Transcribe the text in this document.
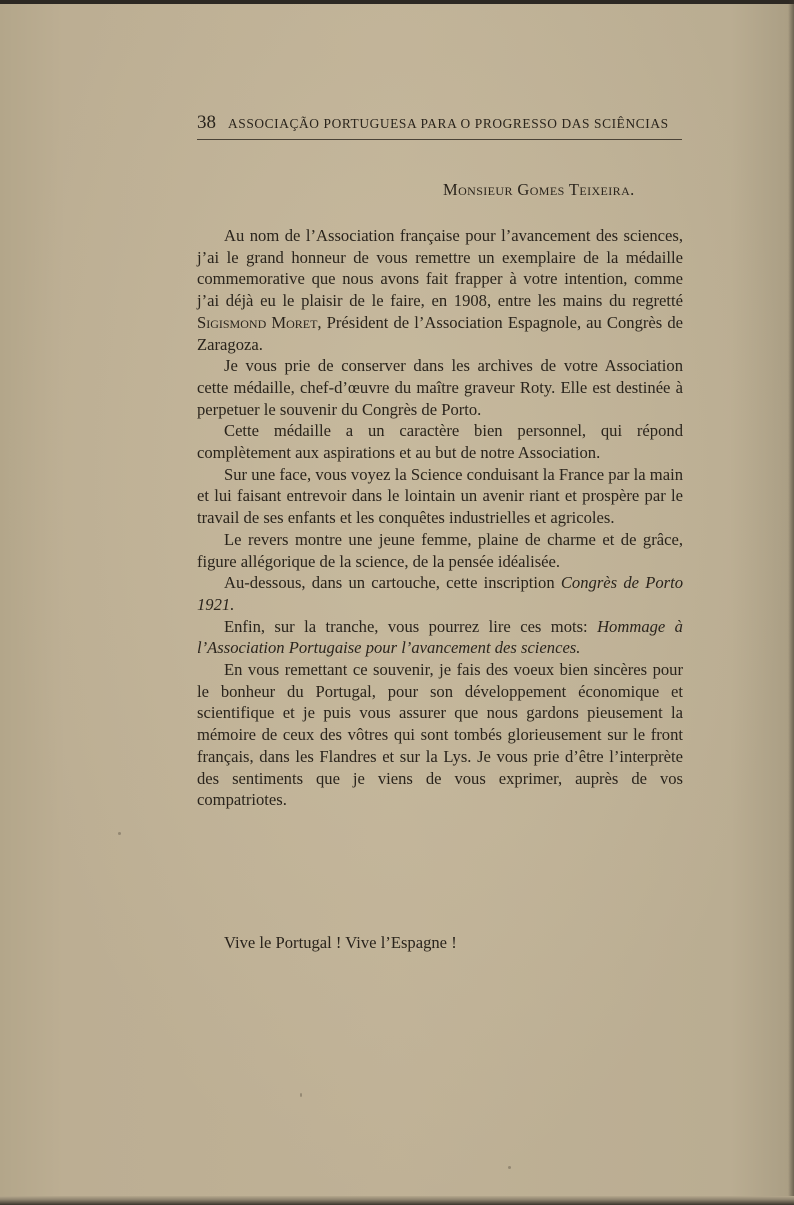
38 ASSOCIAÇÃO PORTUGUESA PARA O PROGRESSO DAS SCIÊNCIAS
Monsieur Gomes Teixeira.

Au nom de l’Association française pour l’avancement des sciences, j’ai le grand honneur de vous remettre un exemplaire de la médaille commemorative que nous avons fait frapper à votre intention, comme j’ai déjà eu le plaisir de le faire, en 1908, entre les mains du regretté Sigismond Moret, Président de l’Association Espagnole, au Congrès de Zaragoza.

Je vous prie de conserver dans les archives de votre Association cette médaille, chef-d’œuvre du maître graveur Roty. Elle est destinée à perpetuer le souvenir du Congrès de Porto.

Cette médaille a un caractère bien personnel, qui répond complètement aux aspirations et au but de notre Association.

Sur une face, vous voyez la Science conduisant la France par la main et lui faisant entrevoir dans le lointain un avenir riant et prospère par le travail de ses enfants et les conquêtes industrielles et agricoles.

Le revers montre une jeune femme, plaine de charme et de grâce, figure allégorique de la science, de la pensée idéalisée.

Au-dessous, dans un cartouche, cette inscription Congrès de Porto 1921.

Enfin, sur la tranche, vous pourrez lire ces mots: Hommage à l’Association Portugaise pour l’avancement des sciences.

En vous remettant ce souvenir, je fais des voeux bien sincères pour le bonheur du Portugal, pour son développement économique et scientifique et je puis vous assurer que nous gardons pieusement la mémoire de ceux des vôtres qui sont tombés glorieusement sur le front français, dans les Flandres et sur la Lys. Je vous prie d’être l’interprète des sentiments que je viens de vous exprimer, auprès de vos compatriotes.

Vive le Portugal ! Vive l’Espagne !
